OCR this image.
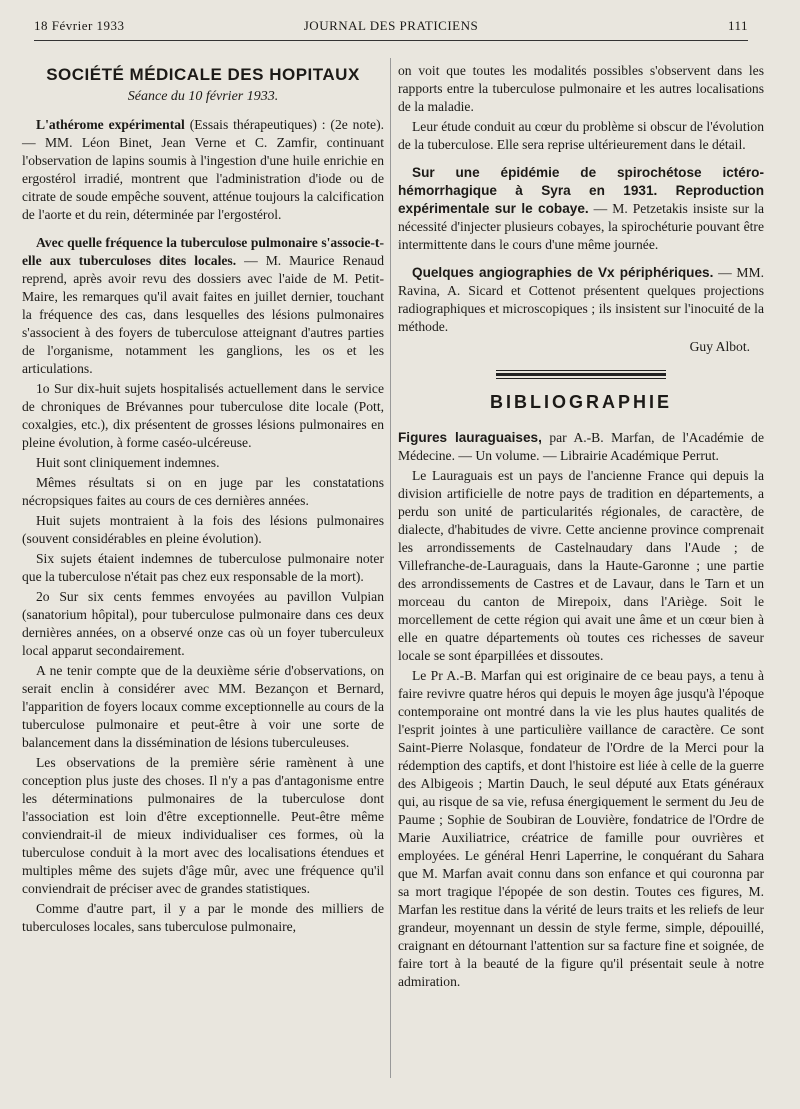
18 Février 1933	JOURNAL DES PRATICIENS	111
SOCIÉTÉ MÉDICALE DES HOPITAUX
Séance du 10 février 1933.

L'athérome expérimental (Essais thérapeutiques) : (2e note). — MM. Léon Binet, Jean Verne et C. Zamfir, continuant l'observation de lapins soumis à l'ingestion d'une huile enrichie en ergostérol irradié, montrent que l'administration d'iode ou de citrate de soude empêche souvent, atténue toujours la calcification de l'aorte et du rein, déterminée par l'ergostérol.

Avec quelle fréquence la tuberculose pulmonaire s'associe-t-elle aux tuberculoses dites locales. — M. Maurice Renaud reprend, après avoir revu des dossiers avec l'aide de M. Petit-Maire, les remarques qu'il avait faites en juillet dernier, touchant la fréquence des cas, dans lesquelles des lésions pulmonaires s'associent à des foyers de tuberculose atteignant d'autres parties de l'organisme, notamment les ganglions, les os et les articulations.

1o Sur dix-huit sujets hospitalisés actuellement dans le service de chroniques de Brévannes pour tuberculose dite locale (Pott, coxalgies, etc.), dix présentent de grosses lésions pulmonaires en pleine évolution, à forme caséo-ulcéreuse.

Huit sont cliniquement indemnes.

Mêmes résultats si on en juge par les constatations nécropsiques faites au cours de ces dernières années.

Huit sujets montraient à la fois des lésions pulmonaires (souvent considérables en pleine évolution).

Six sujets étaient indemnes de tuberculose pulmonaire noter que la tuberculose n'était pas chez eux responsable de la mort).

2o Sur six cents femmes envoyées au pavillon Vulpian (sanatorium hôpital), pour tuberculose pulmonaire dans ces deux dernières années, on a observé onze cas où un foyer tuberculeux local apparut secondairement.

A ne tenir compte que de la deuxième série d'observations, on serait enclin à considérer avec MM. Bezançon et Bernard, l'apparition de foyers locaux comme exceptionnelle au cours de la tuberculose pulmonaire et peut-être à voir une sorte de balancement dans la dissémination de lésions tuberculeuses.

Les observations de la première série ramènent à une conception plus juste des choses. Il n'y a pas d'antagonisme entre les déterminations pulmonaires de la tuberculose dont l'association est loin d'être exceptionnelle. Peut-être même conviendrait-il de mieux individualiser ces formes, où la tuberculose conduit à la mort avec des localisations étendues et multiples même des sujets d'âge mûr, avec une fréquence qu'il conviendrait de préciser avec de grandes statistiques.

Comme d'autre part, il y a par le monde des milliers de tuberculoses locales, sans tuberculose pulmonaire,

on voit que toutes les modalités possibles s'observent dans les rapports entre la tuberculose pulmonaire et les autres localisations de la maladie.

Leur étude conduit au cœur du problème si obscur de l'évolution de la tuberculose. Elle sera reprise ultérieurement dans le détail.

Sur une épidémie de spirochétose ictéro-hémorrhagique à Syra en 1931. Reproduction expérimentale sur le cobaye. — M. Petzetakis insiste sur la nécessité d'injecter plusieurs cobayes, la spirochéturie pouvant être intermittente dans le cours d'une même journée.

Quelques angiographies de Vx périphériques. — MM. Ravina, A. Sicard et Cottenot présentent quelques projections radiographiques et microscopiques ; ils insistent sur l'inocuité de la méthode.

Guy Albot.

BIBLIOGRAPHIE

Figures lauraguaises, par A.-B. Marfan, de l'Académie de Médecine. — Un volume. — Librairie Académique Perrut.

Le Lauraguais est un pays de l'ancienne France qui depuis la division artificielle de notre pays de tradition en départements, a perdu son unité de particularités régionales, de caractère, de dialecte, d'habitudes de vivre. Cette ancienne province comprenait les arrondissements de Castelnaudary dans l'Aude ; de Villefranche-de-Lauraguais, dans la Haute-Garonne ; une partie des arrondissements de Castres et de Lavaur, dans le Tarn et un morceau du canton de Mirepoix, dans l'Ariège. Soit le morcellement de cette région qui avait une âme et un cœur bien à elle en quatre départements où toutes ces richesses de saveur locale se sont éparpillées et dissoutes.

Le Pr A.-B. Marfan qui est originaire de ce beau pays, a tenu à faire revivre quatre héros qui depuis le moyen âge jusqu'à l'époque contemporaine ont montré dans la vie les plus hautes qualités de l'esprit jointes à une particulière vaillance de caractère. Ce sont Saint-Pierre Nolasque, fondateur de l'Ordre de la Merci pour la rédemption des captifs, et dont l'histoire est liée à celle de la guerre des Albigeois ; Martin Dauch, le seul député aux Etats généraux qui, au risque de sa vie, refusa énergiquement le serment du Jeu de Paume ; Sophie de Soubiran de Louvière, fondatrice de l'Ordre de Marie Auxiliatrice, créatrice de famille pour ouvrières et employées. Le général Henri Laperrine, le conquérant du Sahara que M. Marfan avait connu dans son enfance et qui couronna par sa mort tragique l'épopée de son destin. Toutes ces figures, M. Marfan les restitue dans la vérité de leurs traits et les reliefs de leur grandeur, moyennant un dessin de style ferme, simple, dépouillé, craignant en détournant l'attention sur sa facture fine et soignée, de faire tort à la beauté de la figure qu'il présentait seule à notre admiration.
